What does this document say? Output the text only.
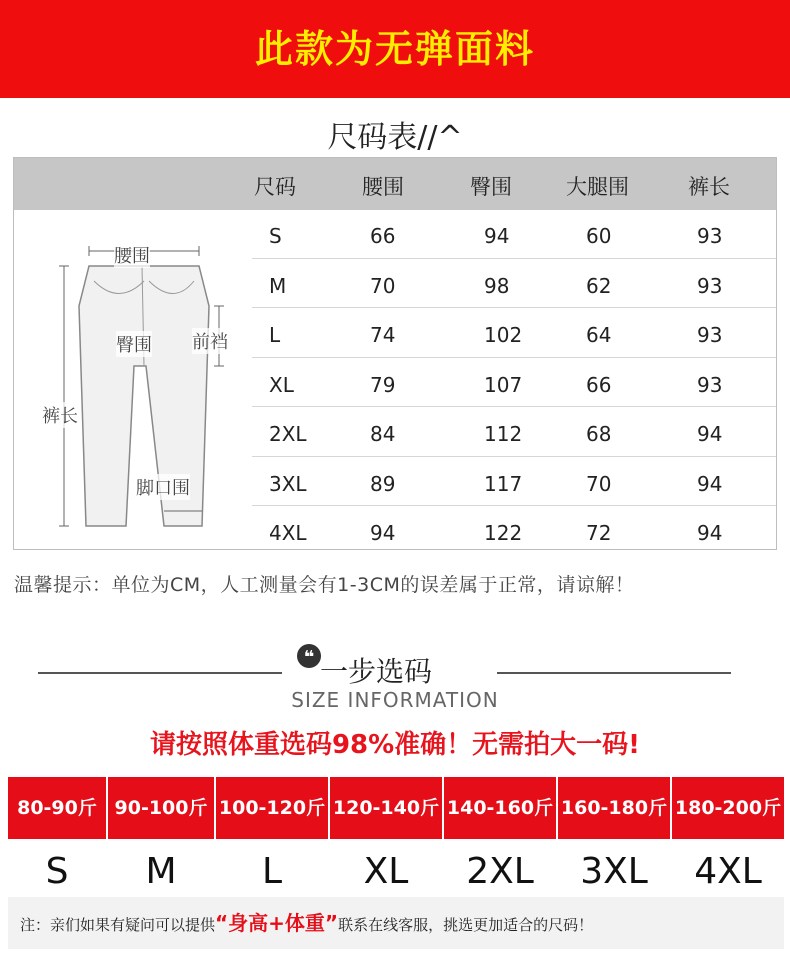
此款为无弹面料
尺码表//^
尺码	腰围	臀围	大腿围	裤长
S	66	94	60	93
M	70	98	62	93
L	74	102	64	93
XL	79	107	66	93
2XL	84	112	68	94
3XL	89	117	70	94
4XL	94	122	72	94
腰围
臀围 前裆
裤长
脚口围
温馨提示：单位为CM，人工测量会有1-3CM的误差属于正常，请谅解！
❝ 一步选码
SIZE INFORMATION
请按照体重选码98%准确！无需拍大一码!
80-90斤 90-100斤 100-120斤 120-140斤 140-160斤 160-180斤 180-200斤
S	M	L	XL	2XL	3XL	4XL
注：亲们如果有疑问可以提供“身高+体重”联系在线客服，挑选更加适合的尺码！
